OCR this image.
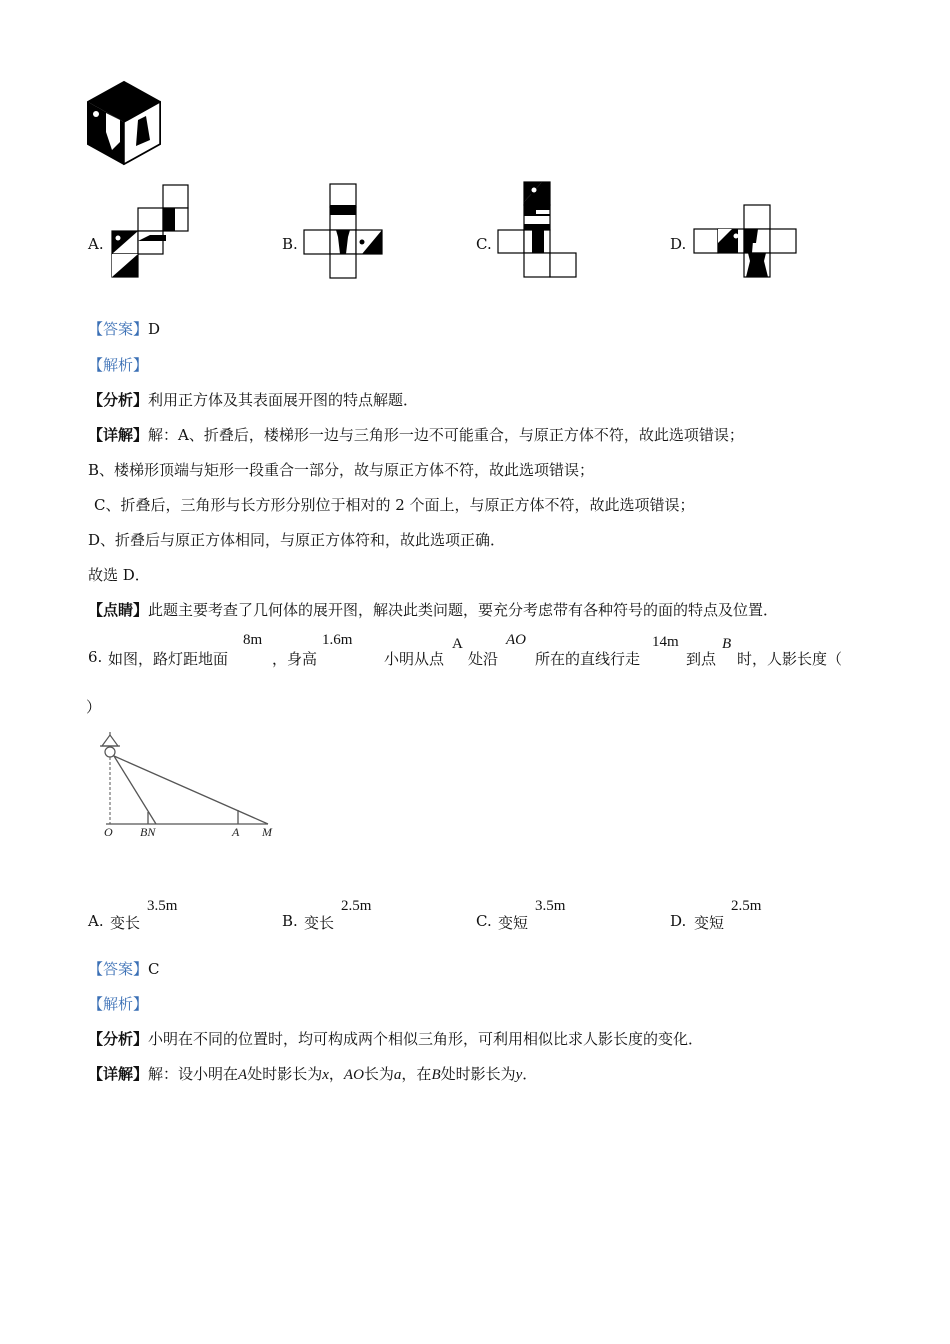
A.	B.	C.	D.
【答案】D
【解析】
【分析】利用正方体及其表面展开图的特点解题．
【详解】解：A、折叠后，楼梯形一边与三角形一边不可能重合，与原正方体不符，故此选项错误；
B、楼梯形顶端与矩形一段重合一部分，故与原正方体不符，故此选项错误；
C、折叠后，三角形与长方形分别位于相对的 2 个面上，与原正方体不符，故此选项错误；
D、折叠后与原正方体相同，与原正方体符和，故此选项正确．
故选 D．
【点睛】此题主要考查了几何体的展开图，解决此类问题，要充分考虑带有各种符号的面的特点及位置．
6. 如图，路灯距地面
8m
，身高
1.6m
小明从点
A
处沿
AO
所在的直线行走
14m
到点
B
时，人影长度（
）
O BN	A M
A. 变长
3.5m
B. 变长
2.5m
C. 变短
3.5m
D. 变短
2.5m
【答案】C
【解析】
【分析】小明在不同的位置时，均可构成两个相似三角形，可利用相似比求人影长度的变化．
【详解】解：设小明在A处时影长为x，AO长为a，在B处时影长为y．
